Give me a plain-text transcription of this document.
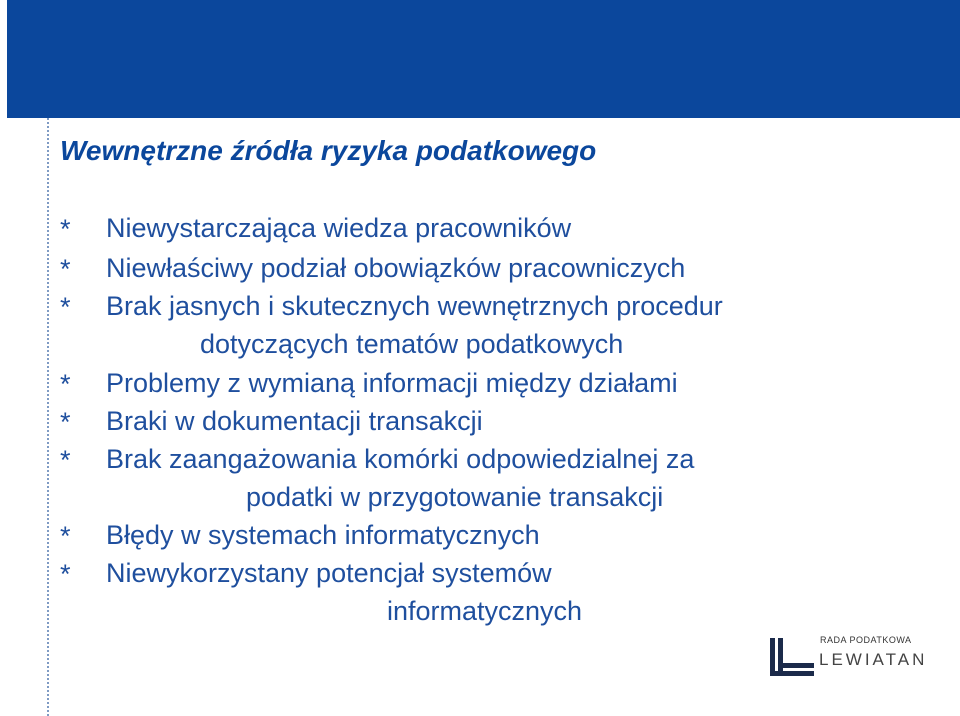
Wewnętrzne źródła ryzyka podatkowego
* Niewystarczająca wiedza pracowników
* Niewłaściwy podział obowiązków pracowniczych
* Brak jasnych i skutecznych wewnętrznych procedur
dotyczących tematów podatkowych
* Problemy z wymianą informacji między działami
* Braki w dokumentacji transakcji
* Brak zaangażowania komórki odpowiedzialnej za
podatki w przygotowanie transakcji
* Błędy w systemach informatycznych
* Niewykorzystany potencjał systemów
informatycznych
RADA PODATKOWA
LEWIATAN
